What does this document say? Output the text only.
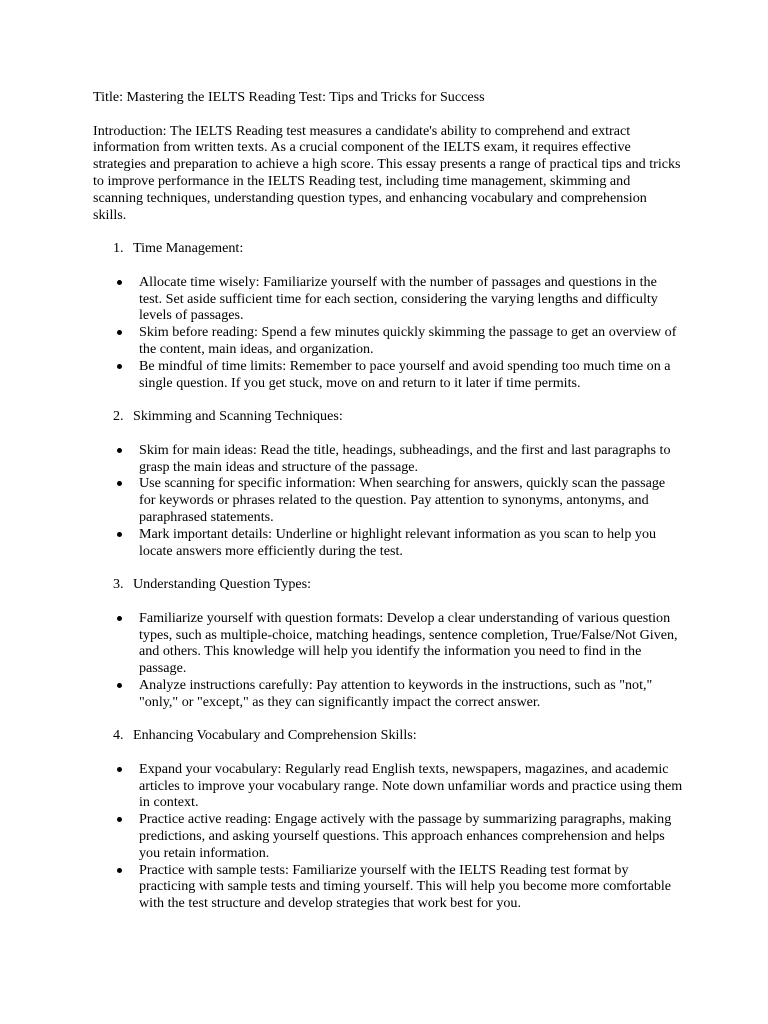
Title: Mastering the IELTS Reading Test: Tips and Tricks for Success
Introduction: The IELTS Reading test measures a candidate's ability to comprehend and extract information from written texts. As a crucial component of the IELTS exam, it requires effective strategies and preparation to achieve a high score. This essay presents a range of practical tips and tricks to improve performance in the IELTS Reading test, including time management, skimming and scanning techniques, understanding question types, and enhancing vocabulary and comprehension skills.
1. Time Management:
Allocate time wisely: Familiarize yourself with the number of passages and questions in the test. Set aside sufficient time for each section, considering the varying lengths and difficulty levels of passages.
Skim before reading: Spend a few minutes quickly skimming the passage to get an overview of the content, main ideas, and organization.
Be mindful of time limits: Remember to pace yourself and avoid spending too much time on a single question. If you get stuck, move on and return to it later if time permits.
2. Skimming and Scanning Techniques:
Skim for main ideas: Read the title, headings, subheadings, and the first and last paragraphs to grasp the main ideas and structure of the passage.
Use scanning for specific information: When searching for answers, quickly scan the passage for keywords or phrases related to the question. Pay attention to synonyms, antonyms, and paraphrased statements.
Mark important details: Underline or highlight relevant information as you scan to help you locate answers more efficiently during the test.
3. Understanding Question Types:
Familiarize yourself with question formats: Develop a clear understanding of various question types, such as multiple-choice, matching headings, sentence completion, True/False/Not Given, and others. This knowledge will help you identify the information you need to find in the passage.
Analyze instructions carefully: Pay attention to keywords in the instructions, such as "not," "only," or "except," as they can significantly impact the correct answer.
4. Enhancing Vocabulary and Comprehension Skills:
Expand your vocabulary: Regularly read English texts, newspapers, magazines, and academic articles to improve your vocabulary range. Note down unfamiliar words and practice using them in context.
Practice active reading: Engage actively with the passage by summarizing paragraphs, making predictions, and asking yourself questions. This approach enhances comprehension and helps you retain information.
Practice with sample tests: Familiarize yourself with the IELTS Reading test format by practicing with sample tests and timing yourself. This will help you become more comfortable with the test structure and develop strategies that work best for you.
